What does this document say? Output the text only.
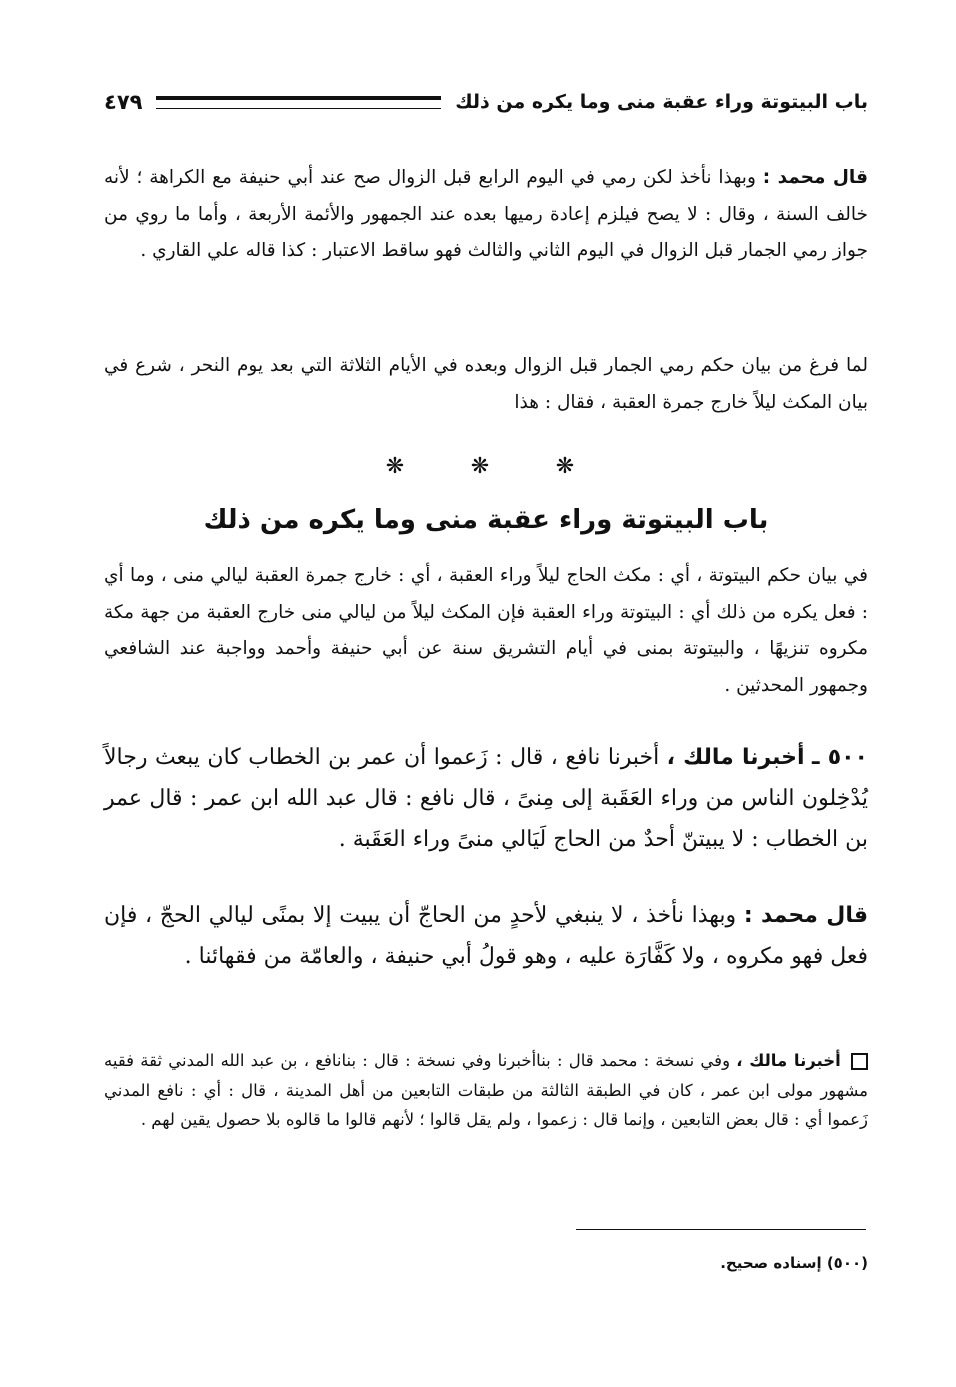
باب البيتوتة وراء عقبة منى وما يكره من ذلك
٤٧٩
قال محمد : وبهذا نأخذ لكن رمي في اليوم الرابع قبل الزوال صح عند أبي حنيفة مع الكراهة ؛ لأنه خالف السنة ، وقال : لا يصح فيلزم إعادة رميها بعده عند الجمهور والأئمة الأربعة ، وأما ما روي من جواز رمي الجمار قبل الزوال في اليوم الثاني والثالث فهو ساقط الاعتبار : كذا قاله علي القاري .
لما فرغ من بيان حكم رمي الجمار قبل الزوال وبعده في الأيام الثلاثة التي بعد يوم النحر ، شرع في بيان المكث ليلاً خارج جمرة العقبة ، فقال : هذا
❋	❋	❋
باب البيتوتة وراء عقبة منى وما يكره من ذلك
في بيان حكم البيتوتة ، أي : مكث الحاج ليلاً وراء العقبة ، أي : خارج جمرة العقبة ليالي منى ، وما أي : فعل يكره من ذلك أي : البيتوتة وراء العقبة فإن المكث ليلاً من ليالي منى خارج العقبة من جهة مكة مكروه تنزيهًا ، والبيتوتة بمنى في أيام التشريق سنة عن أبي حنيفة وأحمد وواجبة عند الشافعي وجمهور المحدثين .
٥٠٠ ـ أخبرنا مالك ، أخبرنا نافع ، قال : زَعموا أن عمر بن الخطاب كان يبعث رجالاً يُدْخِلون الناس من وراء العَقَبة إلى مِنىً ، قال نافع : قال عبد الله ابن عمر : قال عمر بن الخطاب : لا يبيتنّ أحدٌ من الحاج لَيَالي منىً وراء العَقَبة .
قال محمد : وبهذا نأخذ ، لا ينبغي لأحدٍ من الحاجّ أن يبيت إلا بمنًى ليالي الحجّ ، فإن فعل فهو مكروه ، ولا كَفَّارَة عليه ، وهو قولُ أبي حنيفة ، والعامّة من فقهائنا .
أخبرنا مالك ، وفي نسخة : محمد قال : بناأخبرنا وفي نسخة : قال : بنانافع ، بن عبد الله المدني ثقة فقيه مشهور مولى ابن عمر ، كان في الطبقة الثالثة من طبقات التابعين من أهل المدينة ، قال : أي : نافع المدني زَعموا أي : قال بعض التابعين ، وإنما قال : زعموا ، ولم يقل قالوا ؛ لأنهم قالوا ما قالوه بلا حصول يقين لهم .
(٥٠٠) إسناده صحيح.
